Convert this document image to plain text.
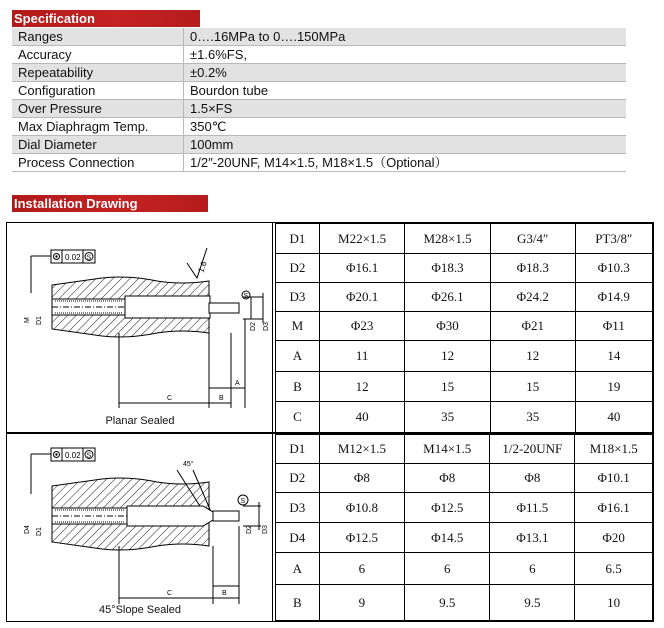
Specification
Ranges	0….16MPa to 0….150MPa
Accuracy	±1.6%FS,
Repeatability	±0.2%
Configuration	Bourdon tube
Over Pressure	1.5×FS
Max Diaphragm Temp.	350℃
Dial Diameter	100mm
Process Connection	1/2″-20UNF, M14×1.5, M18×1.5（Optional）
Installation Drawing
0.02 S
1.6
M D1
D2 D3
S
C
A
B
Planar Sealed
0.02 S
45°
D4 D1	D2 D3
S
C	B
45°Slope Sealed
D1	M22×1.5	M28×1.5	G3/4″	PT3/8″
D2	Φ16.1	Φ18.3	Φ18.3	Φ10.3
D3	Φ20.1	Φ26.1	Φ24.2	Φ14.9
M	Φ23	Φ30	Φ21	Φ11
A	11	12	12	14
B	12	15	15	19
C	40	35	35	40
D1	M12×1.5	M14×1.5	1/2-20UNF	M18×1.5
D2	Φ8	Φ8	Φ8	Φ10.1
D3	Φ10.8	Φ12.5	Φ11.5	Φ16.1
D4	Φ12.5	Φ14.5	Φ13.1	Φ20
A	6	6	6	6.5
B	9	9.5	9.5	10
